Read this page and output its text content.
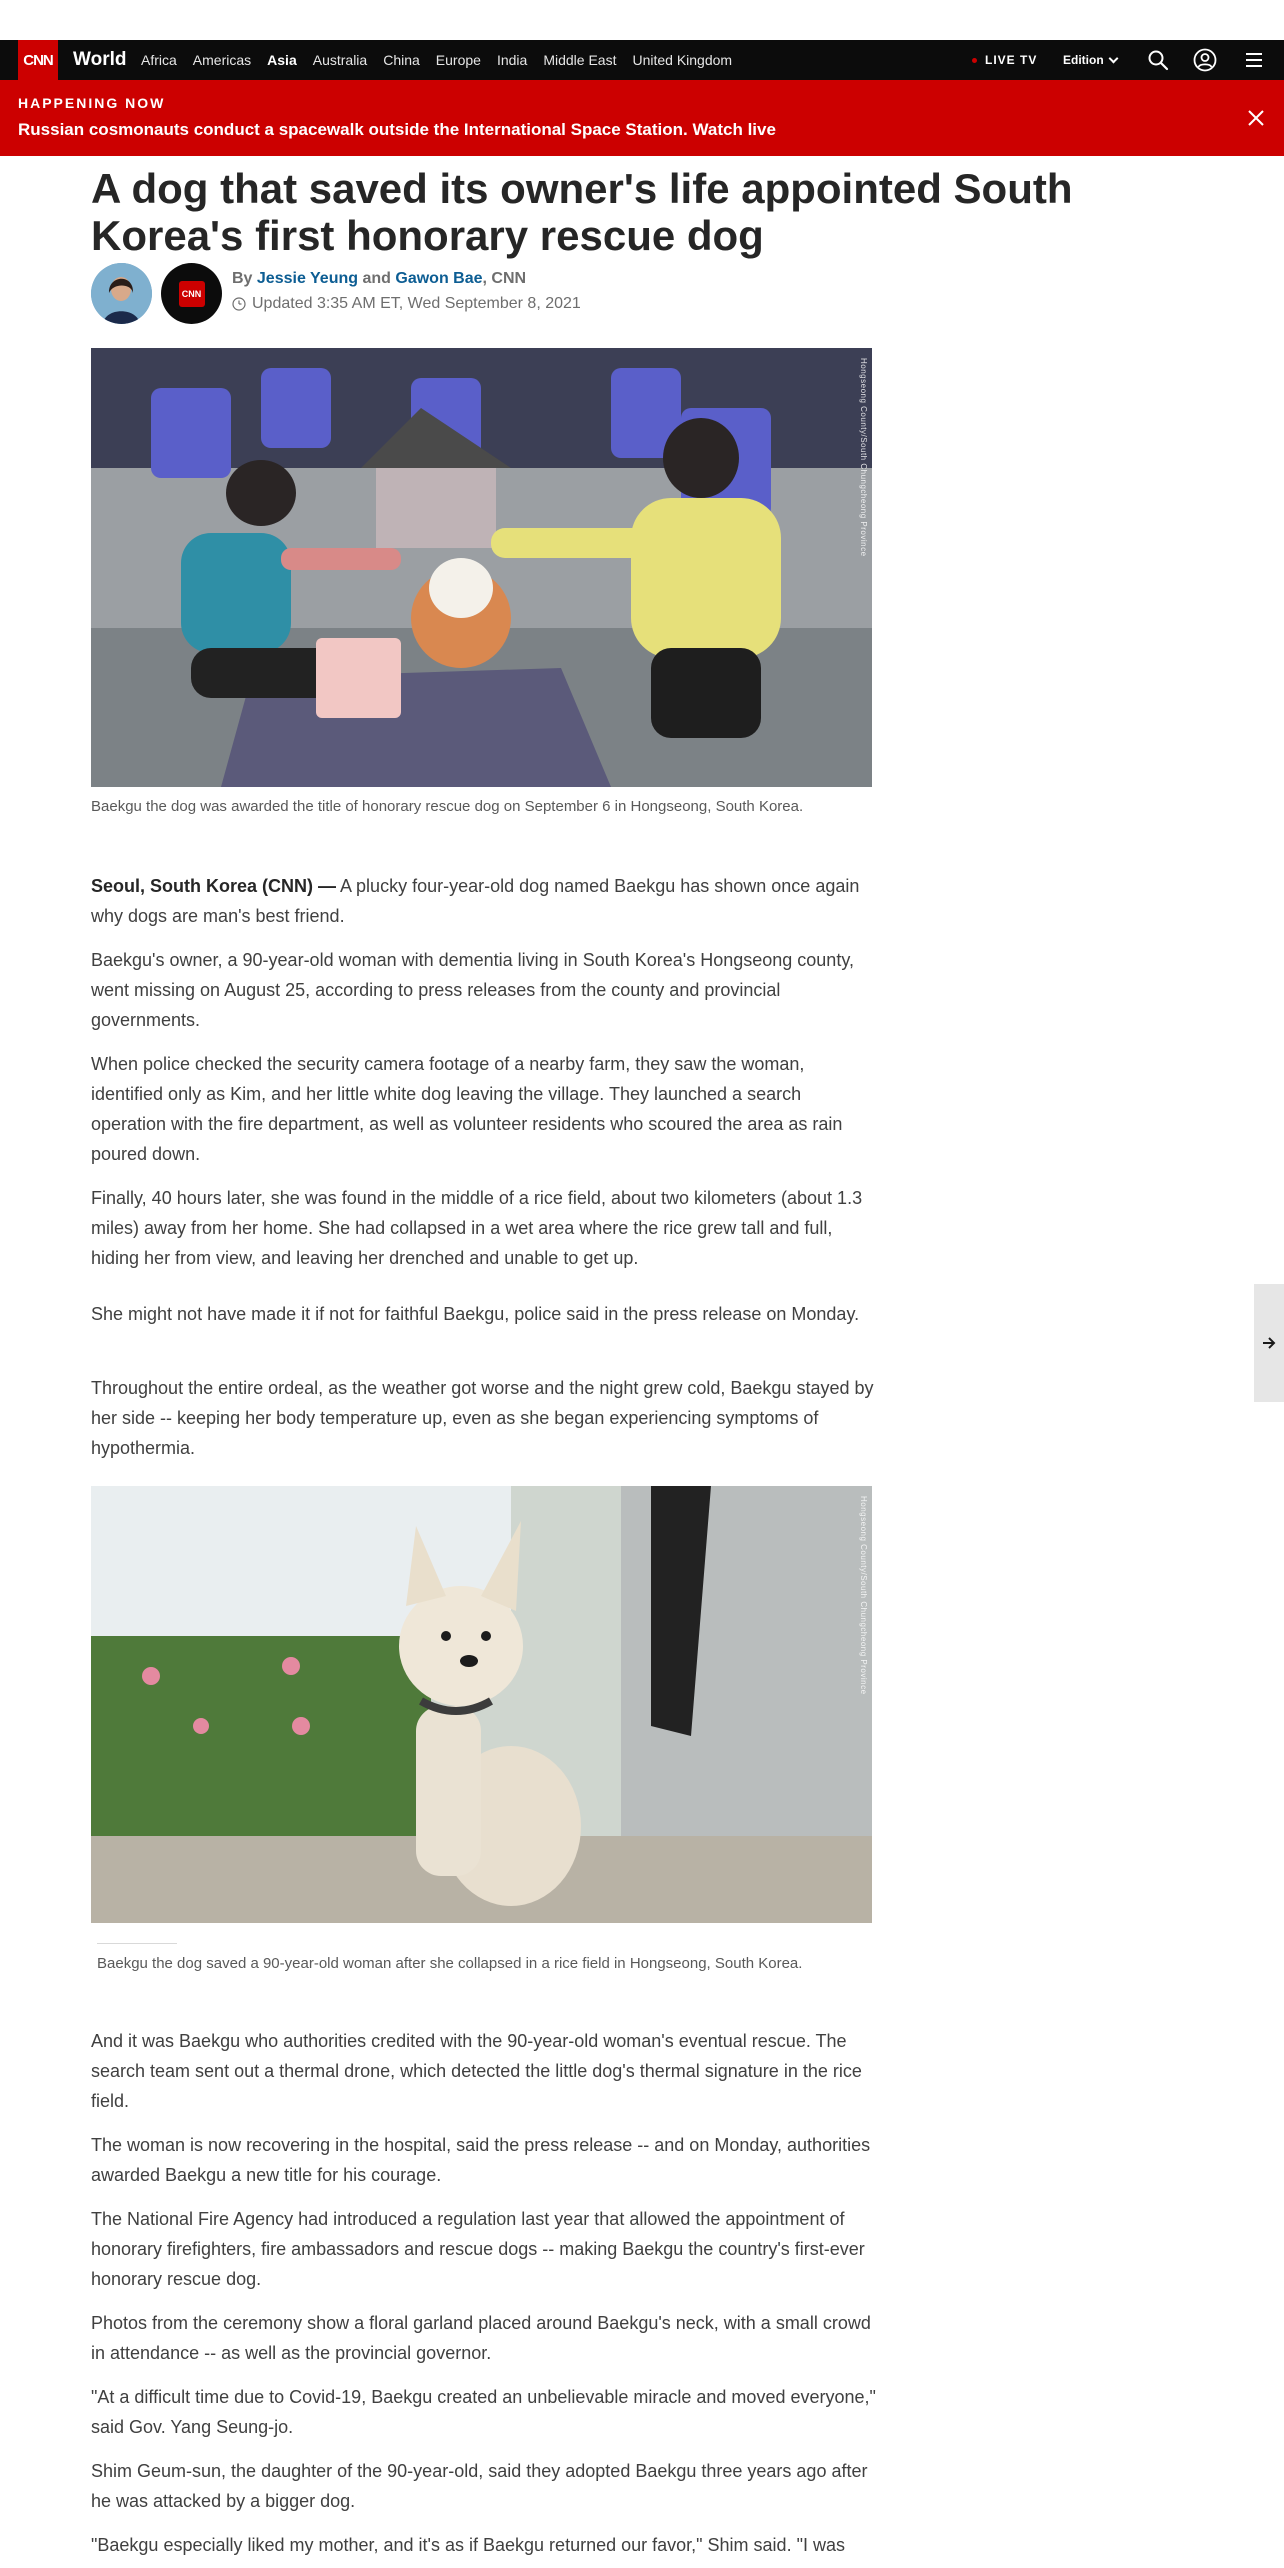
CNN World Africa Americas Asia Australia China Europe India Middle East United Kingdom	LIVE TV Edition
HAPPENING NOW
Russian cosmonauts conduct a spacewalk outside the International Space Station. Watch live
A dog that saved its owner's life appointed South Korea's first honorary rescue dog
CNN
By Jessie Yeung and Gawon Bae, CNN
Updated 3:35 AM ET, Wed September 8, 2021
Hongseong County/South Chungcheong Province
Baekgu the dog was awarded the title of honorary rescue dog on September 6 in Hongseong, South Korea.

Seoul, South Korea (CNN) — A plucky four-year-old dog named Baekgu has shown once again why dogs are man's best friend.

Baekgu's owner, a 90-year-old woman with dementia living in South Korea's Hongseong county, went missing on August 25, according to press releases from the county and provincial governments.

When police checked the security camera footage of a nearby farm, they saw the woman, identified only as Kim, and her little white dog leaving the village. They launched a search operation with the fire department, as well as volunteer residents who scoured the area as rain poured down.

Finally, 40 hours later, she was found in the middle of a rice field, about two kilometers (about 1.3 miles) away from her home. She had collapsed in a wet area where the rice grew tall and full, hiding her from view, and leaving her drenched and unable to get up.

She might not have made it if not for faithful Baekgu, police said in the press release on Monday.

Throughout the entire ordeal, as the weather got worse and the night grew cold, Baekgu stayed by her side -- keeping her body temperature up, even as she began experiencing symptoms of hypothermia.

Hongseong County/South Chungcheong Province
Baekgu the dog saved a 90-year-old woman after she collapsed in a rice field in Hongseong, South Korea.

And it was Baekgu who authorities credited with the 90-year-old woman's eventual rescue. The search team sent out a thermal drone, which detected the little dog's thermal signature in the rice field.

The woman is now recovering in the hospital, said the press release -- and on Monday, authorities awarded Baekgu a new title for his courage.

The National Fire Agency had introduced a regulation last year that allowed the appointment of honorary firefighters, fire ambassadors and rescue dogs -- making Baekgu the country's first-ever honorary rescue dog.

Photos from the ceremony show a floral garland placed around Baekgu's neck, with a small crowd in attendance -- as well as the provincial governor.

"At a difficult time due to Covid-19, Baekgu created an unbelievable miracle and moved everyone," said Gov. Yang Seung-jo.

Shim Geum-sun, the daughter of the 90-year-old, said they adopted Baekgu three years ago after he was attacked by a bigger dog.

"Baekgu especially liked my mother, and it's as if Baekgu returned our favor," Shim said. "I was
